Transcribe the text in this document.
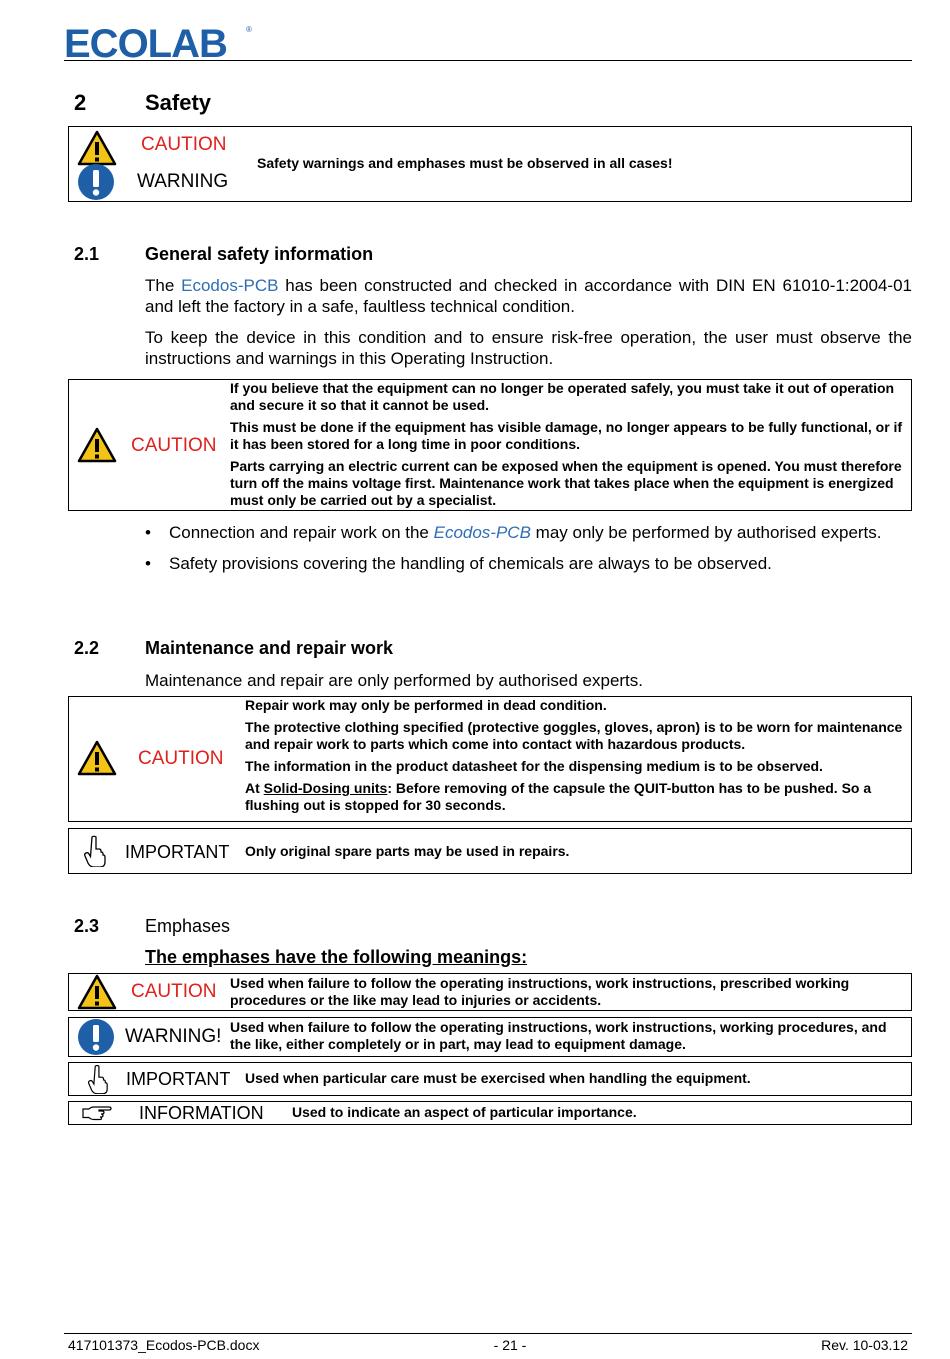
ECOLAB ®
2	Safety
CAUTION
WARNING
Safety warnings and emphases must be observed in all cases!
2.1	General safety information
The Ecodos-PCB has been constructed and checked in accordance with DIN EN 61010-1:2004-01 and left the factory in a safe, faultless technical condition.
To keep the device in this condition and to ensure risk-free operation, the user must observe the instructions and warnings in this Operating Instruction.
CAUTION

If you believe that the equipment can no longer be operated safely, you must take it out of operation and secure it so that it cannot be used.

This must be done if the equipment has visible damage, no longer appears to be fully functional, or if it has been stored for a long time in poor conditions.

Parts carrying an electric current can be exposed when the equipment is opened. You must therefore turn off the mains voltage first. Maintenance work that takes place when the equipment is energized must only be carried out by a specialist.

• Connection and repair work on the Ecodos-PCB may only be performed by authorised experts.
• Safety provisions covering the handling of chemicals are always to be observed.
2.2	Maintenance and repair work
Maintenance and repair are only performed by authorised experts.
CAUTION

Repair work may only be performed in dead condition.

The protective clothing specified (protective goggles, gloves, apron) is to be worn for maintenance and repair work to parts which come into contact with hazardous products.

The information in the product datasheet for the dispensing medium is to be observed.

At Solid-Dosing units: Before removing of the capsule the QUIT-button has to be pushed. So a flushing out is stopped for 30 seconds.

IMPORTANT Only original spare parts may be used in repairs.
2.3	Emphases
The emphases have the following meanings:
CAUTION Used when failure to follow the operating instructions, work instructions, prescribed working procedures or the like may lead to injuries or accidents.
WARNING! Used when failure to follow the operating instructions, work instructions, working procedures, and the like, either completely or in part, may lead to equipment damage.
IMPORTANT Used when particular care must be exercised when handling the equipment.
INFORMATION Used to indicate an aspect of particular importance.
417101373_Ecodos-PCB.docx	- 21 -	Rev. 10-03.12
